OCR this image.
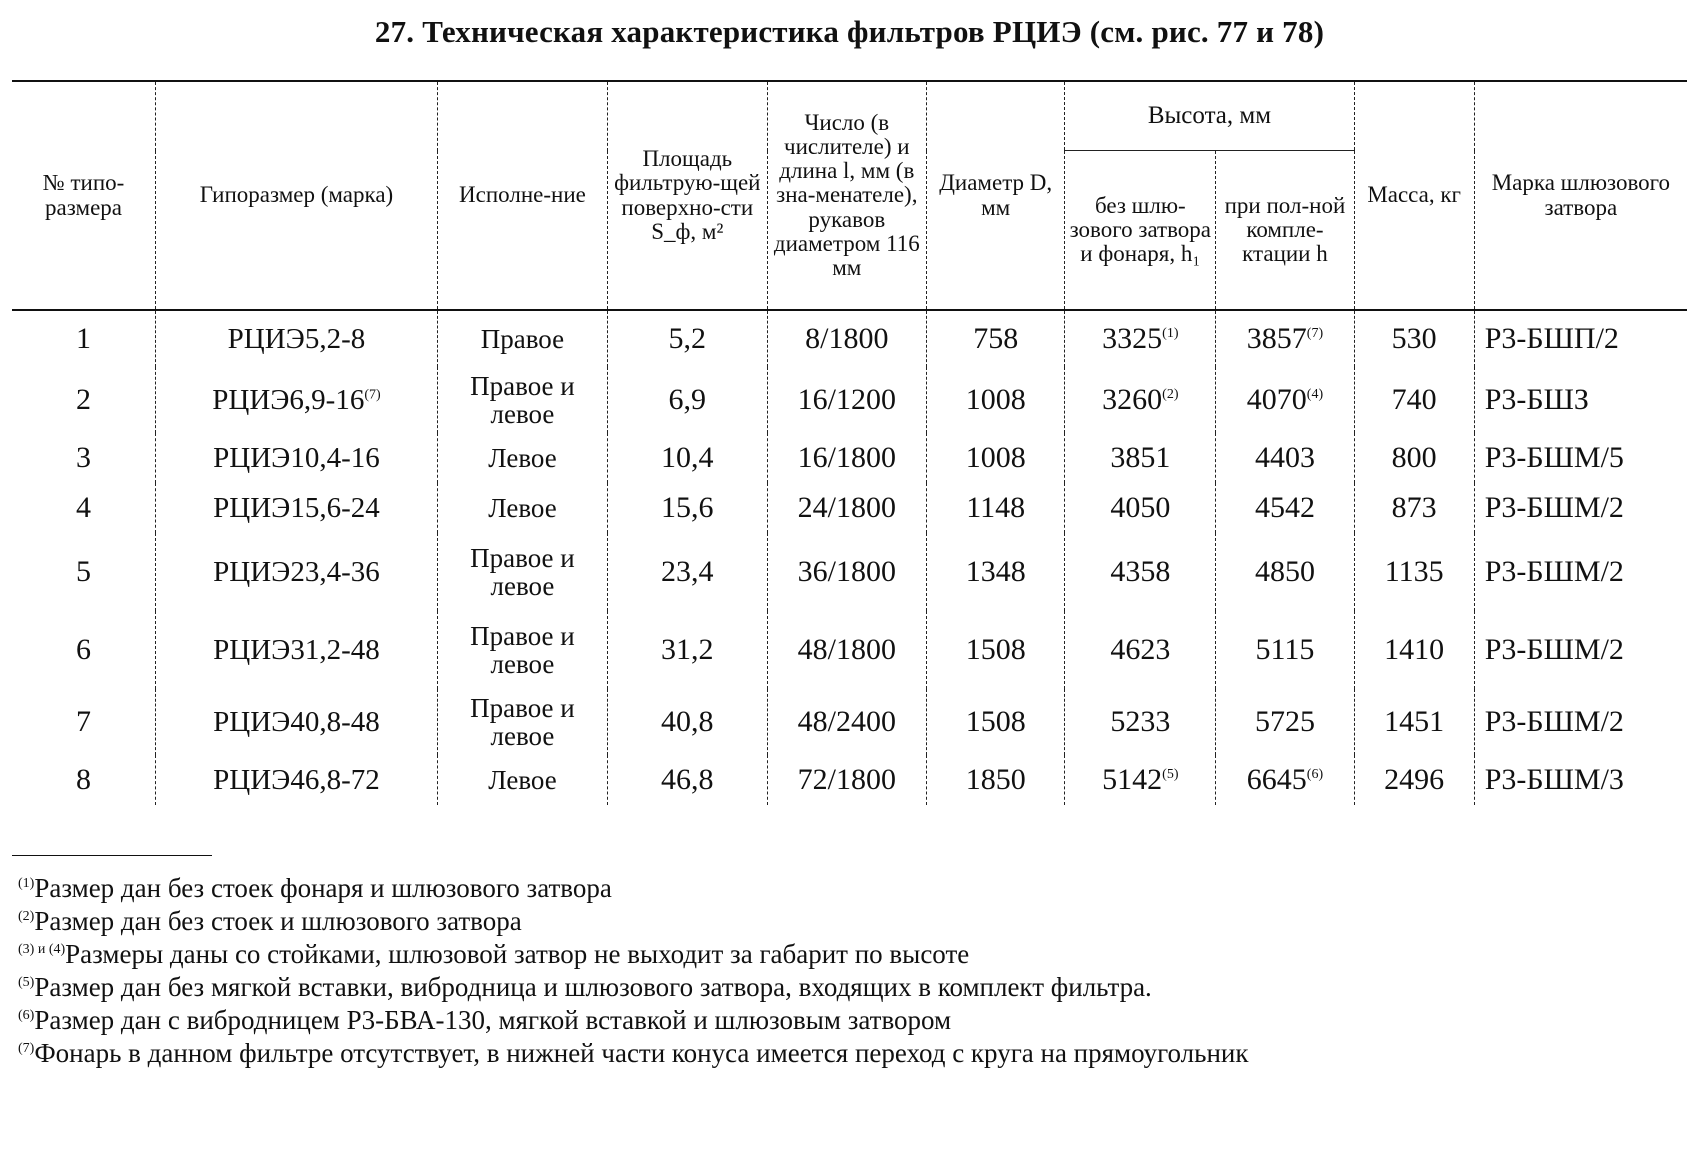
27. Техническая характеристика фильтров РЦИЭ (см. рис. 77 и 78)
№ типо-размера	Гипоразмер (марка)	Исполне-ние	Площадь фильтрую-щей поверхно-сти S_ф, м²	Число (в числителе) и длина l, мм (в зна-менателе), рукавов диаметром 116 мм	Диаметр D, мм	Высота, мм		Масса, кг	Марка шлюзового затвора
						без шлю-зового затвора и фонаря, h₁	при пол-ной комплe-ктации h		
1	РЦИЭ5,2-8	Правое	5,2	8/1800	758	3325$^{(1)}$	3857$^{(7)}$	530	Р3-БШП/2
2	РЦИЭ6,9-16$^{(7)}$	Правое и левое	6,9	16/1200	1008	3260$^{(2)}$	4070$^{(4)}$	740	Р3-БШЗ
3	РЦИЭ10,4-16	Левое	10,4	16/1800	1008	3851	4403	800	Р3-БШМ/5
4	РЦИЭ15,6-24	Левое	15,6	24/1800	1148	4050	4542	873	Р3-БШМ/2
5	РЦИЭ23,4-36	Правое и левое	23,4	36/1800	1348	4358	4850	1135	Р3-БШМ/2
6	РЦИЭ31,2-48	Правое и левое	31,2	48/1800	1508	4623	5115	1410	Р3-БШМ/2
7	РЦИЭ40,8-48	Правое и левое	40,8	48/2400	1508	5233	5725	1451	Р3-БШМ/2
8	РЦИЭ46,8-72	Левое	46,8	72/1800	1850	5142$^{(5)}$	6645$^{(6)}$	2496	Р3-БШМ/3

$^{(1)}$Размер дан без стоек фонаря и шлюзового затвора

$^{(2)}$Размер дан без стоек и шлюзового затвора

$^{(3) и (4)}$Размеры даны со стойками, шлюзовой затвор не выходит за габарит по высоте

$^{(5)}$Размер дан без мягкой вставки, вибродница и шлюзового затвора, входящих в комплект фильтра.

$^{(6)}$Размер дан с вибродницем Р3-БВА-130, мягкой вставкой и шлюзовым затвором

$^{(7)}$Фонарь в данном фильтре отсутствует, в нижней части конуса имеется переход с круга на прямоугольник
